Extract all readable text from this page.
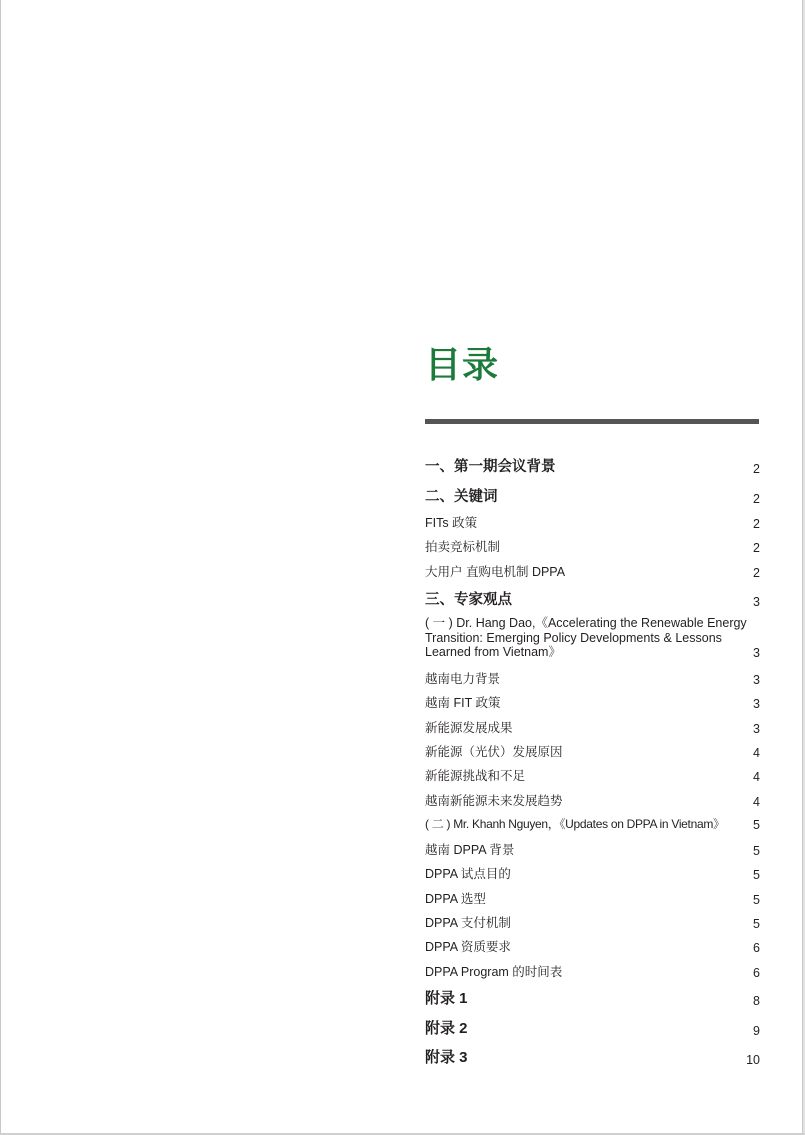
目录
一、第一期会议背景	2
二、关键词	2
FITs 政策	2
拍卖竞标机制	2
大用户 直购电机制 DPPA	2
三、专家观点	3
( 一 ) Dr. Hang Dao,《Accelerating the Renewable Energy Transition: Emerging Policy Developments & Lessons Learned from Vietnam》	3
越南电力背景	3
越南 FIT 政策	3
新能源发展成果	3
新能源（光伏）发展原因	4
新能源挑战和不足	4
越南新能源未来发展趋势	4
( 二 ) Mr. Khanh Nguyen，《Updates on DPPA in Vietnam》	5
越南 DPPA 背景	5
DPPA 试点目的	5
DPPA 选型	5
DPPA 支付机制	5
DPPA 资质要求	6
DPPA Program 的时间表	6
附录 1	8
附录 2	9
附录 3	10
